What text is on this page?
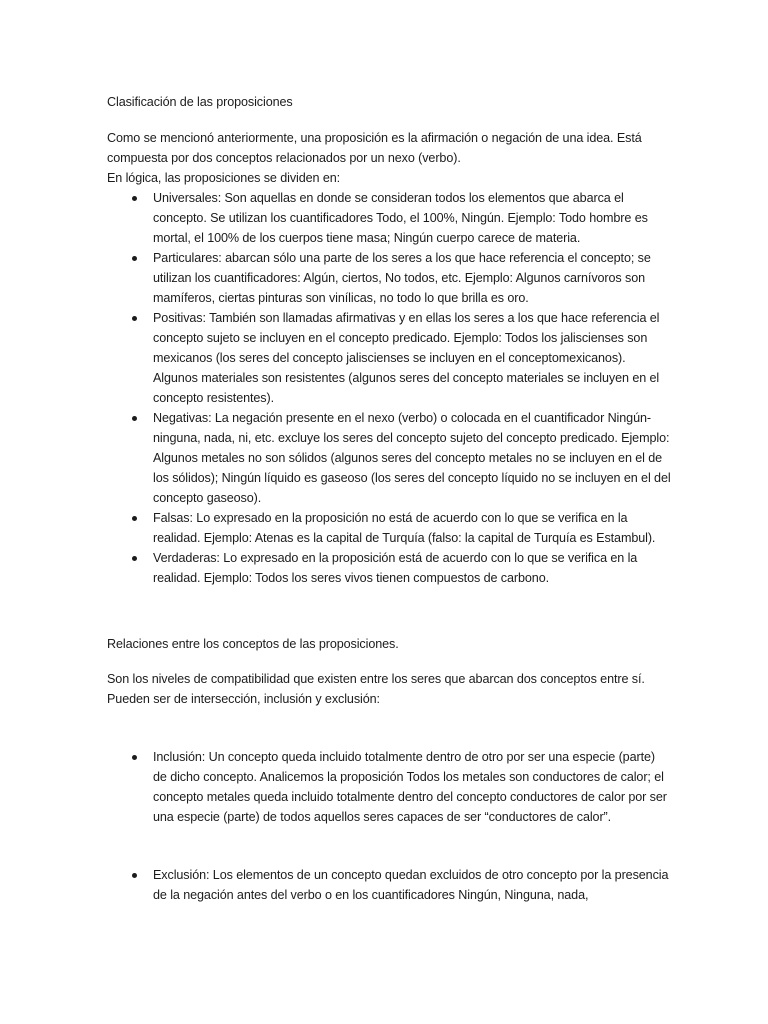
Clasificación de las proposiciones

Como se mencionó anteriormente, una proposición es la afirmación o negación de una idea. Está compuesta por dos conceptos relacionados por un nexo (verbo).

En lógica, las proposiciones se dividen en:

Universales: Son aquellas en donde se consideran todos los elementos que abarca el concepto. Se utilizan los cuantificadores Todo, el 100%, Ningún. Ejemplo: Todo hombre es mortal, el 100% de los cuerpos tiene masa; Ningún cuerpo carece de materia.
Particulares: abarcan sólo una parte de los seres a los que hace referencia el concepto; se utilizan los cuantificadores: Algún, ciertos, No todos, etc. Ejemplo: Algunos carnívoros son mamíferos, ciertas pinturas son vinílicas, no todo lo que brilla es oro.
Positivas: También son llamadas afirmativas y en ellas los seres a los que hace referencia el concepto sujeto se incluyen en el concepto predicado. Ejemplo: Todos los jaliscienses son mexicanos (los seres del concepto jaliscienses se incluyen en el conceptomexicanos). Algunos materiales son resistentes (algunos seres del concepto materiales se incluyen en el concepto resistentes).
Negativas: La negación presente en el nexo (verbo) o colocada en el cuantificador Ningún-ninguna, nada, ni, etc. excluye los seres del concepto sujeto del concepto predicado. Ejemplo: Algunos metales no son sólidos (algunos seres del concepto metales no se incluyen en el de los sólidos); Ningún líquido es gaseoso (los seres del concepto líquido no se incluyen en el del concepto gaseoso).
Falsas: Lo expresado en la proposición no está de acuerdo con lo que se verifica en la realidad. Ejemplo: Atenas es la capital de Turquía (falso: la capital de Turquía es Estambul).
Verdaderas: Lo expresado en la proposición está de acuerdo con lo que se verifica en la realidad. Ejemplo: Todos los seres vivos tienen compuestos de carbono.

Relaciones entre los conceptos de las proposiciones.

Son los niveles de compatibilidad que existen entre los seres que abarcan dos conceptos entre sí. Pueden ser de intersección, inclusión y exclusión:

Inclusión: Un concepto queda incluido totalmente dentro de otro por ser una especie (parte) de dicho concepto. Analicemos la proposición Todos los metales son conductores de calor; el concepto metales queda incluido totalmente dentro del concepto conductores de calor por ser una especie (parte) de todos aquellos seres capaces de ser “conductores de calor”.
Exclusión: Los elementos de un concepto quedan excluidos de otro concepto por la presencia de la negación antes del verbo o en los cuantificadores Ningún, Ninguna, nada,
